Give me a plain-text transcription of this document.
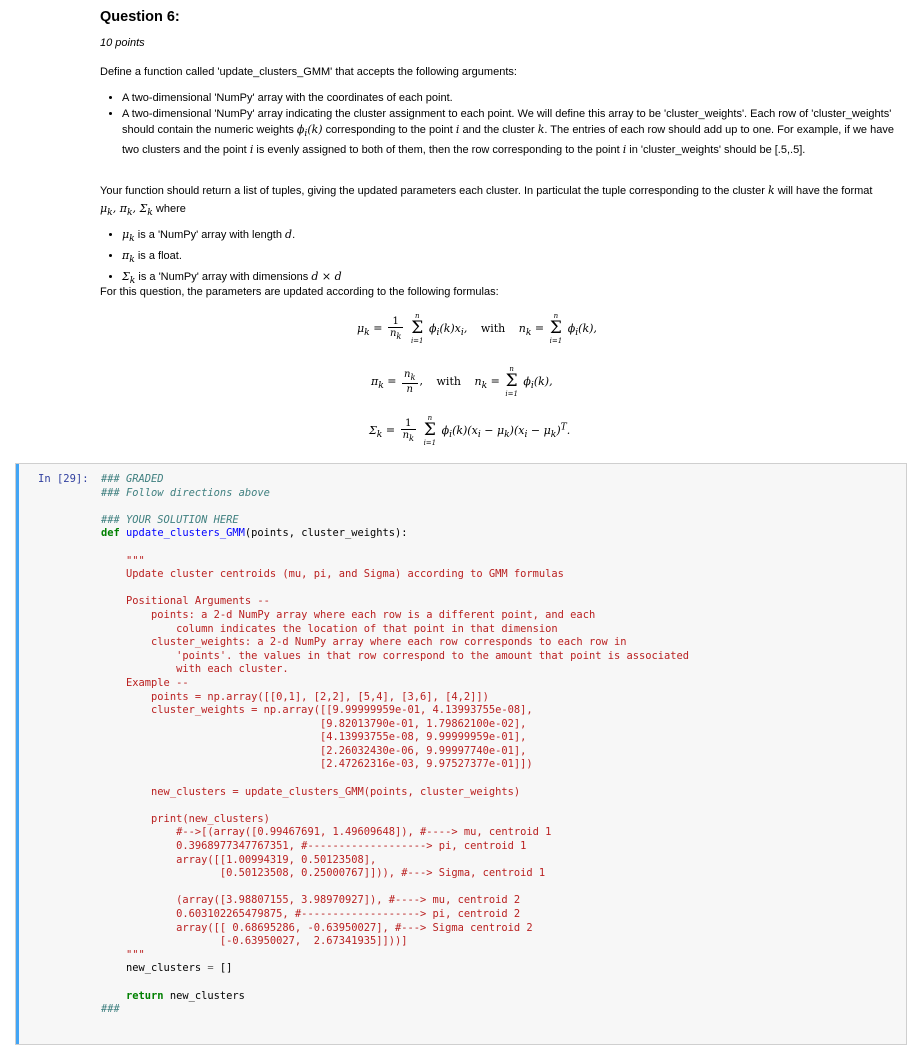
Question 6:
10 points
Define a function called 'update_clusters_GMM' that accepts the following arguments:
• A two-dimensional 'NumPy' array with the coordinates of each point.
• A two-dimensional 'NumPy' array indicating the cluster assignment to each point. We will define this array to be 'cluster_weights'. Each row of 'cluster_weights' should contain the numeric weights $\phi_i(k)$ corresponding to the point i and the cluster k. The entries of each row should add up to one. For example, if we have two clusters and the point i is evenly assigned to both of them, then the row corresponding to the point i in 'cluster_weights' should be [.5,.5].
Your function should return a list of tuples, giving the updated parameters each cluster. In particulat the tuple corresponding to the cluster k will have the format $\mu_k$, $\pi_k$, $\Sigma_k$ where
• $\mu_k$ is a 'NumPy' array with length d.
• $\pi_k$ is a float.
• $\Sigma_k$ is a 'NumPy' array with dimensions d × d
For this question, the parameters are updated according to the following formulas:
$\mu_k = \frac{1}{n_k}$
	n
Σ
i=1
$\phi_i(k)x_i$, with $n_k$ =
n
Σ
i=1
$\phi_i(k)$,
$\pi_k = \frac{n_k}{n}$ , with $n_k$ =
n
Σ
i=1
$\phi_i(k)$,
$\Sigma_k = \frac{1}{n_k}$
	n
Σ
i=1
$\phi_i(k)(x_i - \mu_k)(x_i - \mu_k)^T$.
In [29]: ### GRADED
### Follow directions above

### YOUR SOLUTION HERE
def update_clusters_GMM(points, cluster_weights):

"""
Update cluster centroids (mu, pi, and Sigma) according to GMM formulas

Positional Arguments --
points: a 2-d NumPy array where each row is a different point, and each
column indicates the location of that point in that dimension
cluster_weights: a 2-d NumPy array where each row corresponds to each row in
'points'. the values in that row correspond to the amount that point is associated
with each cluster.
Example --
points = np.array([[0,1], [2,2], [5,4], [3,6], [4,2]])
cluster_weights = np.array([[9.99999959e-01, 4.13993755e-08],
[9.82013790e-01, 1.79862100e-02],
[4.13993755e-08, 9.99999959e-01],
[2.26032430e-06, 9.99997740e-01],
[2.47262316e-03, 9.97527377e-01]])

new_clusters = update_clusters_GMM(points, cluster_weights)

print(new_clusters)
#-->[(array([0.99467691, 1.49609648]), #----> mu, centroid 1
0.3968977347767351, #-------------------> pi, centroid 1
array([[1.00994319, 0.50123508],
[0.50123508, 0.25000767]])), #---> Sigma, centroid 1

(array([3.98807155, 3.98970927]), #----> mu, centroid 2
0.603102265479875, #-------------------> pi, centroid 2
array([[ 0.68695286, -0.63950027], #---> Sigma centroid 2
[-0.63950027,  2.67341935]]))]
"""
new_clusters = []

return new_clusters
###
